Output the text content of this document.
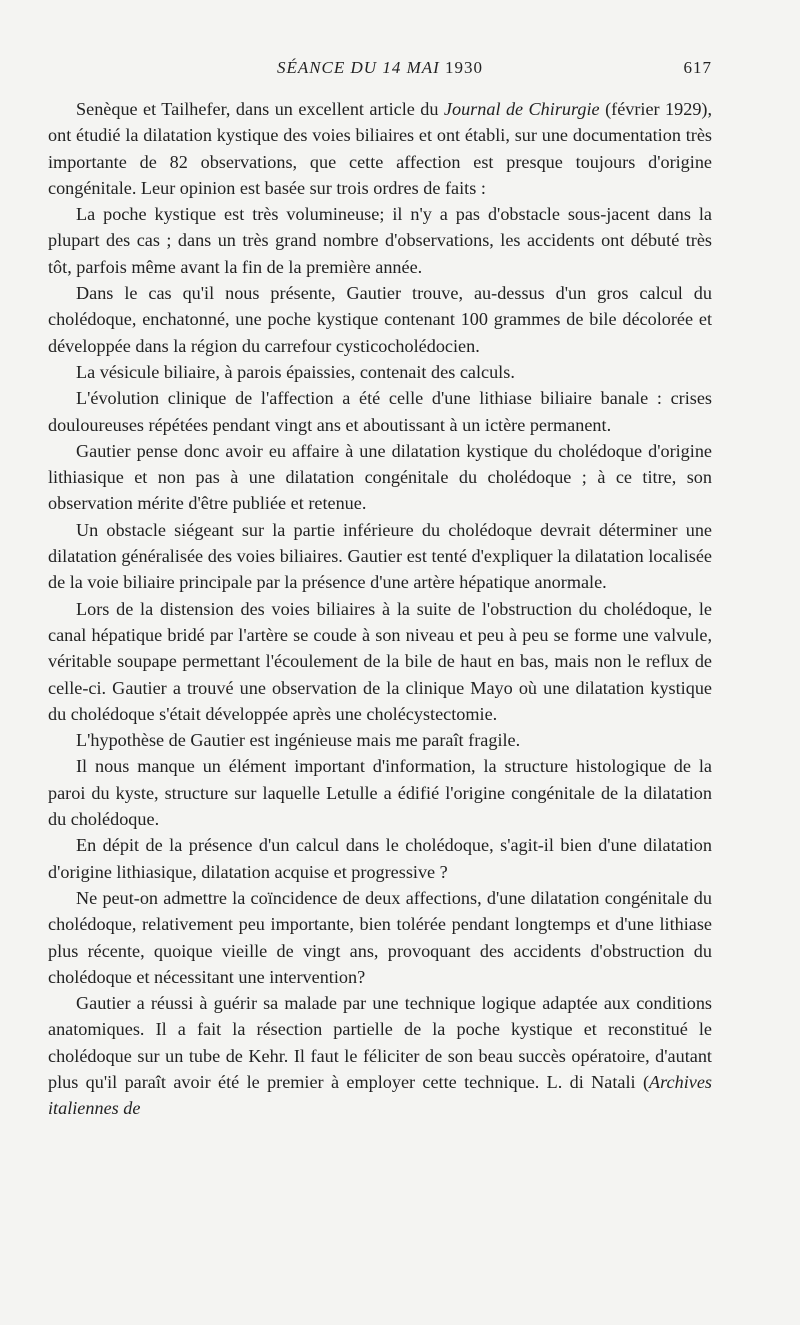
SÉANCE DU 14 MAI 1930	617

Senèque et Tailhefer, dans un excellent article du Journal de Chirurgie (février 1929), ont étudié la dilatation kystique des voies biliaires et ont établi, sur une documentation très importante de 82 observations, que cette affection est presque toujours d'origine congénitale. Leur opinion est basée sur trois ordres de faits :

La poche kystique est très volumineuse; il n'y a pas d'obstacle sous-jacent dans la plupart des cas ; dans un très grand nombre d'observations, les accidents ont débuté très tôt, parfois même avant la fin de la première année.

Dans le cas qu'il nous présente, Gautier trouve, au-dessus d'un gros calcul du cholédoque, enchatonné, une poche kystique contenant 100 grammes de bile décolorée et développée dans la région du carrefour cysticocholédocien.

La vésicule biliaire, à parois épaissies, contenait des calculs.

L'évolution clinique de l'affection a été celle d'une lithiase biliaire banale : crises douloureuses répétées pendant vingt ans et aboutissant à un ictère permanent.

Gautier pense donc avoir eu affaire à une dilatation kystique du cholédoque d'origine lithiasique et non pas à une dilatation congénitale du cholédoque ; à ce titre, son observation mérite d'être publiée et retenue.

Un obstacle siégeant sur la partie inférieure du cholédoque devrait déterminer une dilatation généralisée des voies biliaires. Gautier est tenté d'expliquer la dilatation localisée de la voie biliaire principale par la présence d'une artère hépatique anormale.

Lors de la distension des voies biliaires à la suite de l'obstruction du cholédoque, le canal hépatique bridé par l'artère se coude à son niveau et peu à peu se forme une valvule, véritable soupape permettant l'écoulement de la bile de haut en bas, mais non le reflux de celle-ci. Gautier a trouvé une observation de la clinique Mayo où une dilatation kystique du cholédoque s'était développée après une cholécystectomie.

L'hypothèse de Gautier est ingénieuse mais me paraît fragile.

Il nous manque un élément important d'information, la structure histologique de la paroi du kyste, structure sur laquelle Letulle a édifié l'origine congénitale de la dilatation du cholédoque.

En dépit de la présence d'un calcul dans le cholédoque, s'agit-il bien d'une dilatation d'origine lithiasique, dilatation acquise et progressive ?

Ne peut-on admettre la coïncidence de deux affections, d'une dilatation congénitale du cholédoque, relativement peu importante, bien tolérée pendant longtemps et d'une lithiase plus récente, quoique vieille de vingt ans, provoquant des accidents d'obstruction du cholédoque et nécessitant une intervention?

Gautier a réussi à guérir sa malade par une technique logique adaptée aux conditions anatomiques. Il a fait la résection partielle de la poche kystique et reconstitué le cholédoque sur un tube de Kehr. Il faut le féliciter de son beau succès opératoire, d'autant plus qu'il paraît avoir été le premier à employer cette technique. L. di Natali (Archives italiennes de
